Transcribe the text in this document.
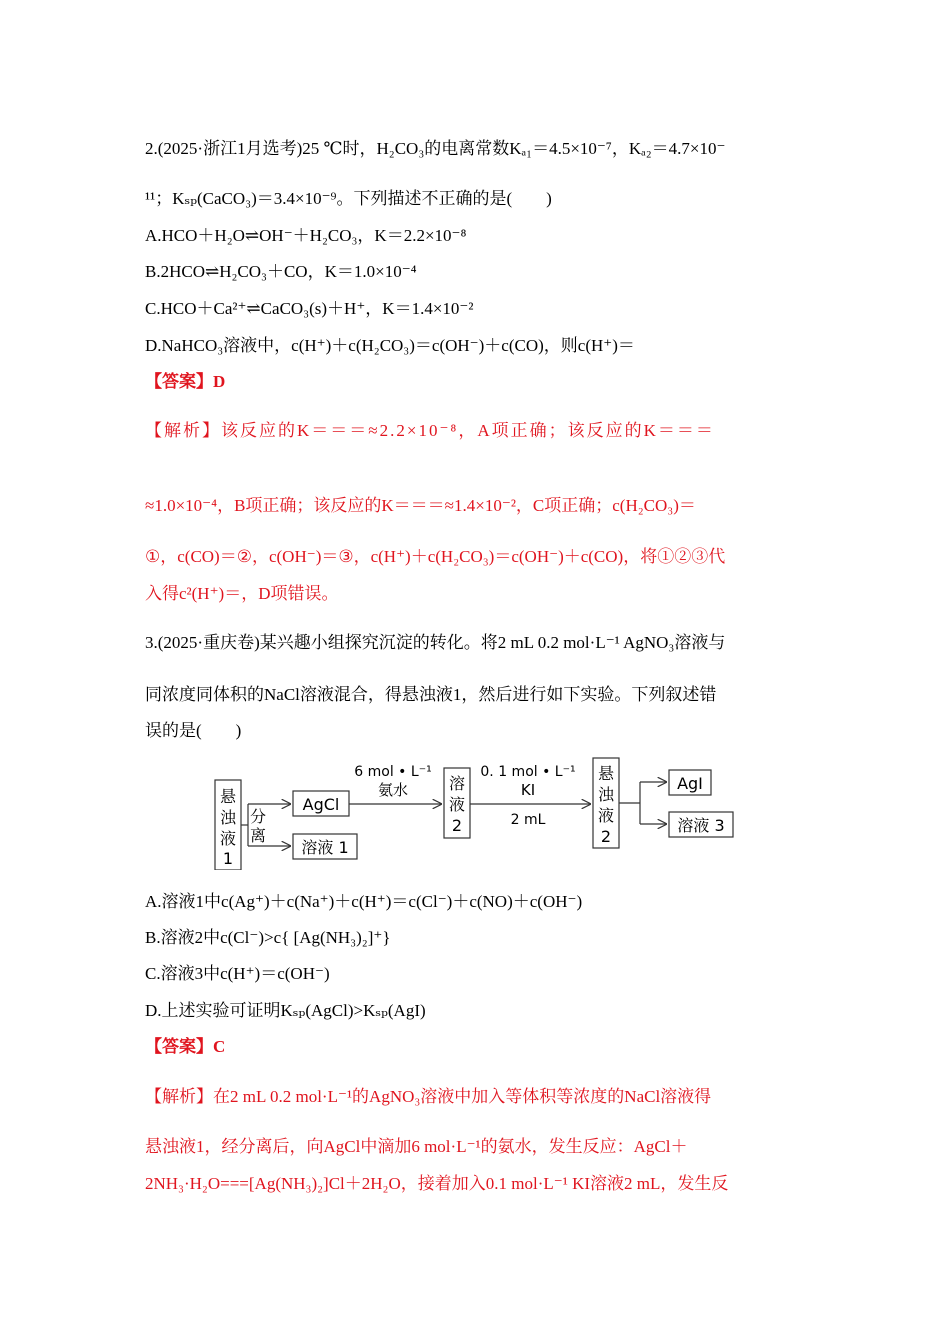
2.(2025·浙江1月选考)25 ℃时，H₂CO₃的电离常数Kₐ₁＝4.5×10⁻⁷，Kₐ₂＝4.7×10⁻
¹¹；Kₛₚ(CaCO₃)＝3.4×10⁻⁹。下列描述不正确的是(　　)
A.HCO＋H₂O⇌OH⁻＋H₂CO₃，K＝2.2×10⁻⁸
B.2HCO⇌H₂CO₃＋CO，K＝1.0×10⁻⁴
C.HCO＋Ca²⁺⇌CaCO₃(s)＋H⁺，K＝1.4×10⁻²
D.NaHCO₃溶液中，c(H⁺)＋c(H₂CO₃)＝c(OH⁻)＋c(CO)，则c(H⁺)＝
【答案】D
【解析】该反应的K＝＝＝≈2.2×10⁻⁸，A项正确；该反应的K＝＝＝
≈1.0×10⁻⁴，B项正确；该反应的K＝＝＝≈1.4×10⁻²，C项正确；c(H₂CO₃)＝
①，c(CO)＝②，c(OH⁻)＝③，c(H⁺)＋c(H₂CO₃)＝c(OH⁻)＋c(CO)，将①②③代
入得c²(H⁺)＝，D项错误。
3.(2025·重庆卷)某兴趣小组探究沉淀的转化。将2 mL 0.2 mol·L⁻¹ AgNO₃溶液与
同浓度同体积的NaCl溶液混合，得悬浊液1，然后进行如下实验。下列叙述错
误的是(　　)
悬
浊
液
1
分
离
AgCl
溶液 1
6 mol • L⁻¹
氨水	溶
液
2
0. 1 mol • L⁻¹
KI
2 mL
悬
浊
液
2
AgI
溶液 3
A.溶液1中c(Ag⁺)＋c(Na⁺)＋c(H⁺)＝c(Cl⁻)＋c(NO)＋c(OH⁻)
B.溶液2中c(Cl⁻)>c{ [Ag(NH₃)₂]⁺}
C.溶液3中c(H⁺)＝c(OH⁻)
D.上述实验可证明Kₛₚ(AgCl)>Kₛₚ(AgI)
【答案】C
【解析】在2 mL 0.2 mol·L⁻¹的AgNO₃溶液中加入等体积等浓度的NaCl溶液得
悬浊液1，经分离后，向AgCl中滴加6 mol·L⁻¹的氨水，发生反应：AgCl＋
2NH₃·H₂O===[Ag(NH₃)₂]Cl＋2H₂O，接着加入0.1 mol·L⁻¹ KI溶液2 mL，发生反
